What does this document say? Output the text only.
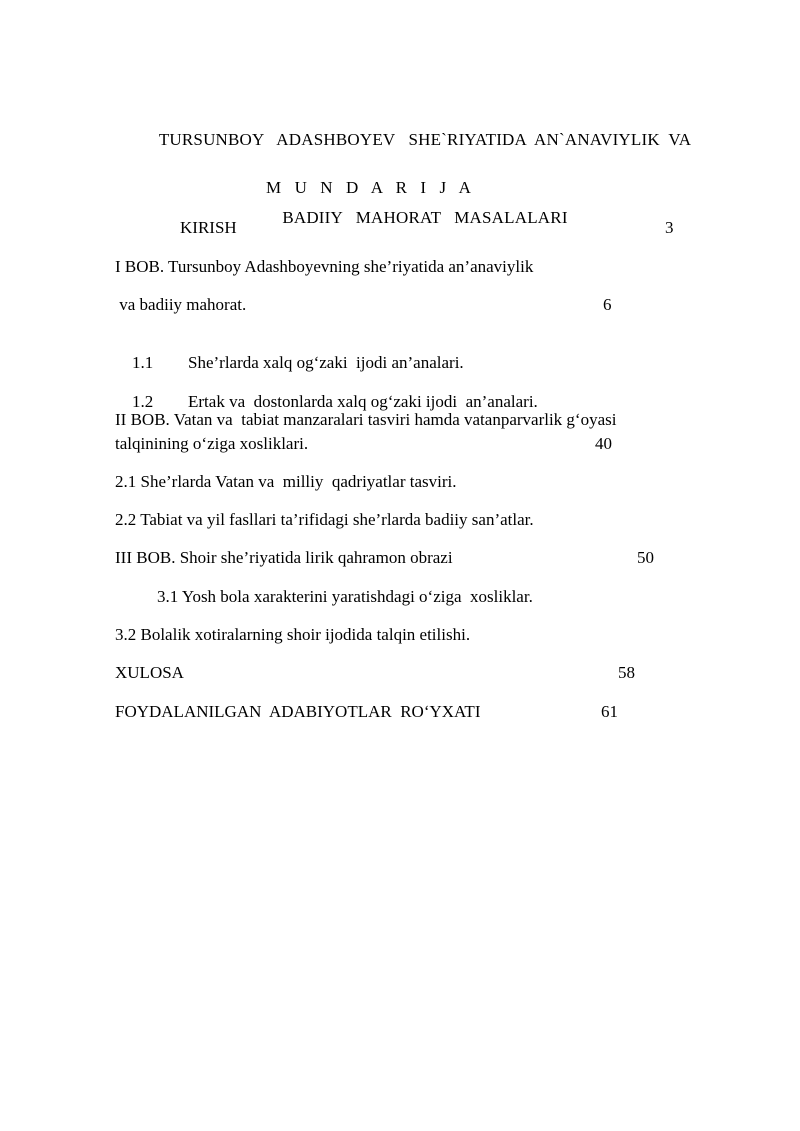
TURSUNBOY   ADASHBOYEV   SHE`RIYATIDA  AN`ANAVIYLIK  VA

BADIIY   MAHORAT   MASALALARI

M U N D A R I J A
KIRISH	3
I BOB. Tursunboy Adashboyevning she’riyatida an’anaviylik
va badiiy mahorat.	6

1.1 She’rlarda xalq og‘zaki  ijodi an’analari.

1.2 Ertak va  dostonlarda xalq og‘zaki ijodi  an’analari.

II BOB. Vatan va  tabiat manzaralari tasviri hamda vatanparvarlik g‘oyasi
talqinining o‘ziga xosliklari.	40
2.1 She’rlarda Vatan va  milliy  qadriyatlar tasviri.
2.2 Tabiat va yil fasllari ta’rifidagi she’rlarda badiiy san’atlar.
III BOB. Shoir she’riyatida lirik qahramon obrazi	50
3.1 Yosh bola xarakterini yaratishdagi o‘ziga  xosliklar.
3.2 Bolalik xotiralarning shoir ijodida talqin etilishi.
XULOSA	58
FOYDALANILGAN  ADABIYOTLAR  RO‘YXATI	61
